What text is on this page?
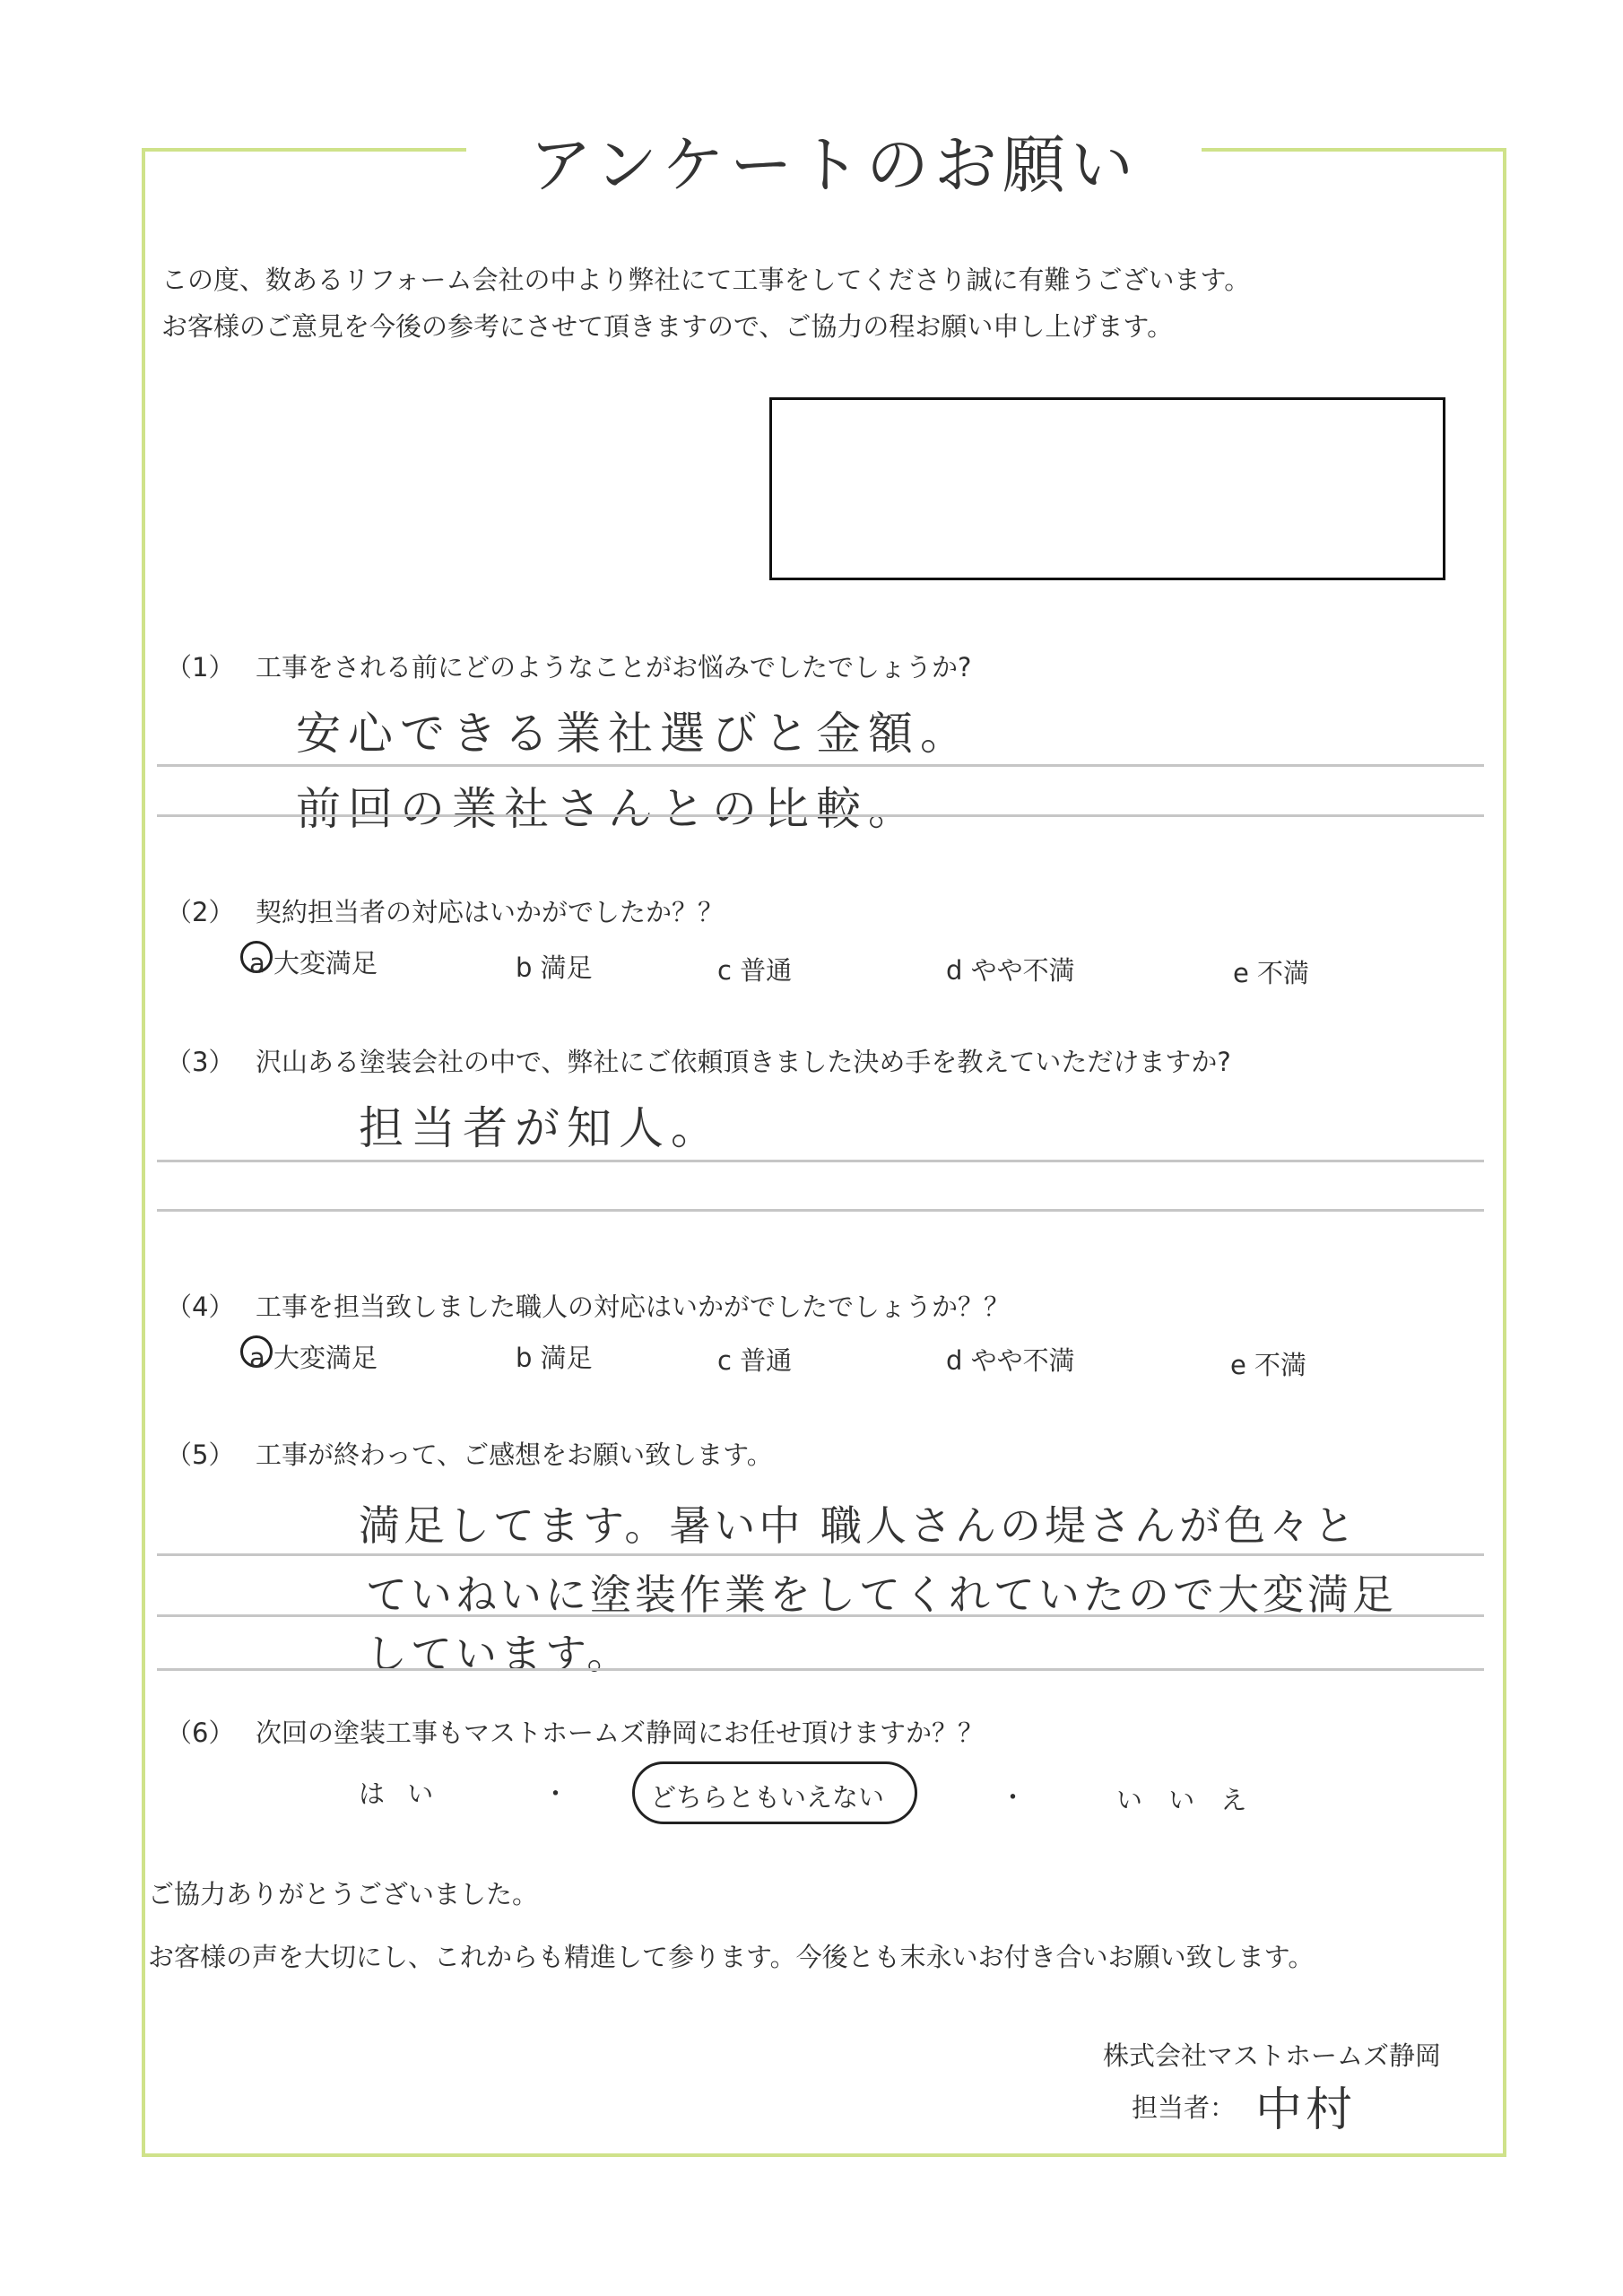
アンケートのお願い
この度、数あるリフォーム会社の中より弊社にて工事をしてくださり誠に有難うございます。
お客様のご意見を今後の参考にさせて頂きますので、ご協力の程お願い申し上げます。
（1） 工事をされる前にどのようなことがお悩みでしたでしょうか?
安心できる業社選びと金額。
前回の業社さんとの比較。
（2） 契約担当者の対応はいかがでしたか？？
a 大変満足	b 満足	c 普通	d やや不満	e 不満
（3） 沢山ある塗装会社の中で、弊社にご依頼頂きました決め手を教えていただけますか?
担当者が知人。
（4） 工事を担当致しました職人の対応はいかがでしたでしょうか？？
a 大変満足	b 満足	c 普通	d やや不満	e 不満
（5） 工事が終わって、ご感想をお願い致します。
満足してます。暑い中 職人さんの堤さんが色々と
ていねいに塗装作業をしてくれていたので大変満足
しています。
（6） 次回の塗装工事もマストホームズ静岡にお任せ頂けますか？？
は い	・	どちらともいえない	・	い い え
ご協力ありがとうございました。
お客様の声を大切にし、これからも精進して参ります。今後とも末永いお付き合いお願い致します。
株式会社マストホームズ静岡
担当者： 中村
